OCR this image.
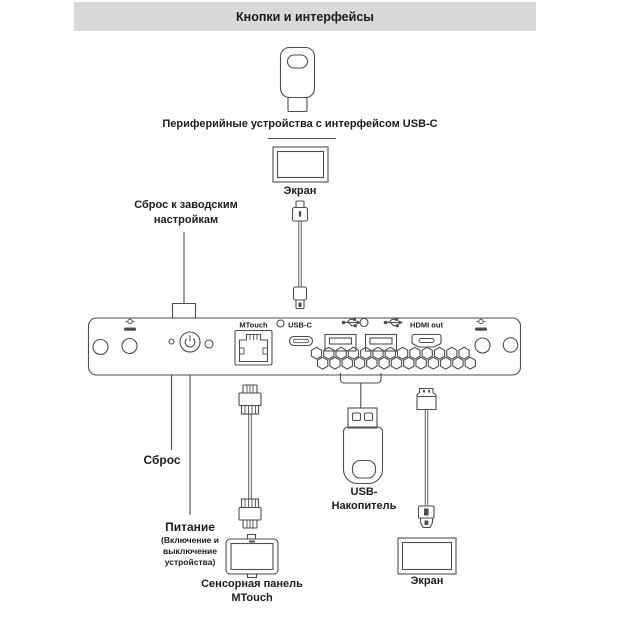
Кнопки и интерфейсы
Периферийные устройства с интерфейсом USB-C
Экран
Сброс к заводским
настройкам
MTouch	USB-C	HDMI out
Сброс
Питание
(Включение и
выключение
устройства)
Сенсорная панель
MTouch
USB-
Накопитель
Экран
